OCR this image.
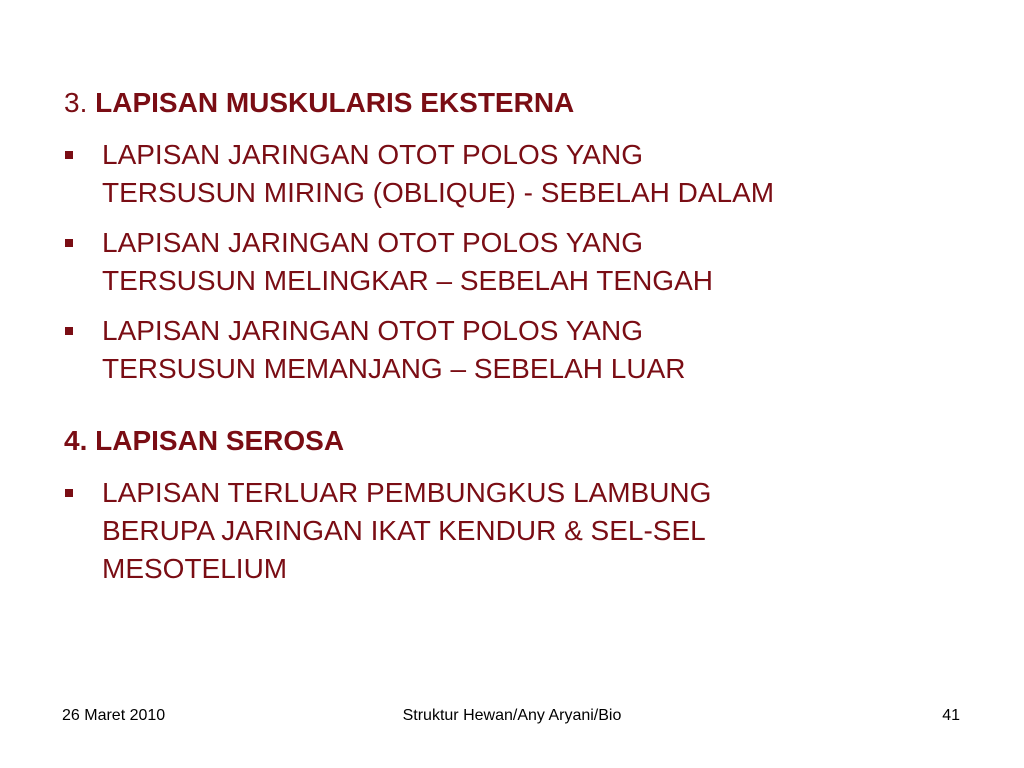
3. LAPISAN MUSKULARIS EKSTERNA
LAPISAN JARINGAN OTOT POLOS YANG
TERSUSUN MIRING (OBLIQUE) - SEBELAH DALAM
LAPISAN JARINGAN OTOT POLOS YANG
TERSUSUN MELINGKAR – SEBELAH TENGAH
LAPISAN JARINGAN OTOT POLOS YANG
TERSUSUN MEMANJANG – SEBELAH LUAR
4. LAPISAN SEROSA
LAPISAN TERLUAR PEMBUNGKUS LAMBUNG
BERUPA JARINGAN IKAT KENDUR & SEL-SEL
MESOTELIUM
26 Maret 2010	Struktur Hewan/Any Aryani/Bio	41
